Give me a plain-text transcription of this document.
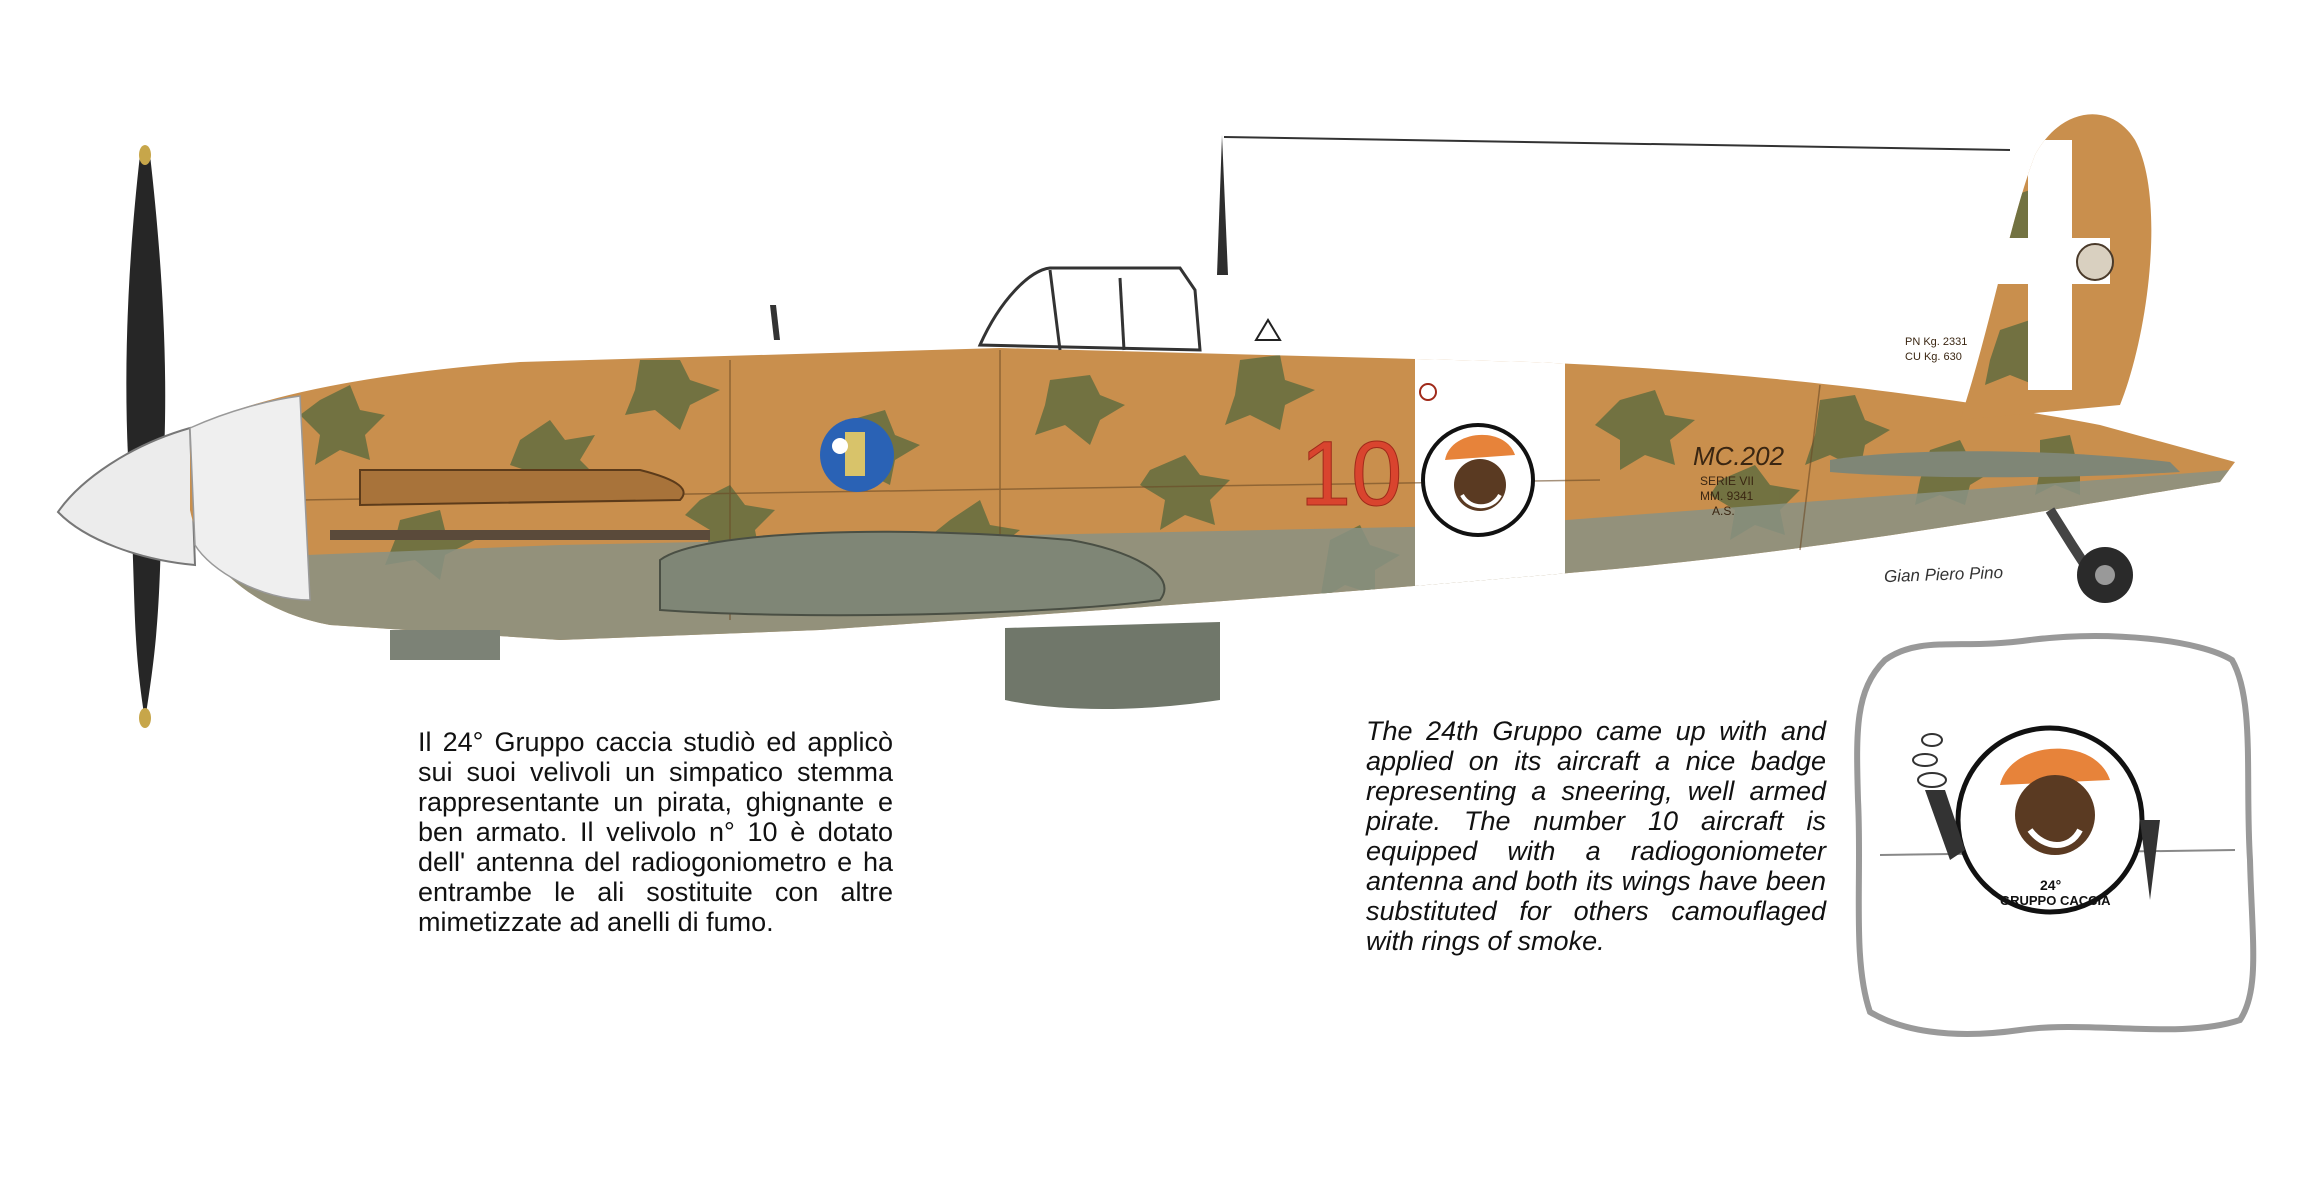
10	MC.202
SERIE VII
MM. 9341
A.S.
PN Kg. 2331
CU Kg. 630
24°
GRUPPO CACCIA
Gian Piero Pino

Il 24° Gruppo caccia studiò ed applicò sui suoi velivoli un simpatico stemma rappresentante un pirata, ghignante e ben armato. Il velivolo n° 10 è dotato dell' antenna del radiogoniometro e ha entrambe le ali sostituite con altre mimetizzate ad anelli di fumo.

The 24th Gruppo came up with and applied on its aircraft a nice badge representing a sneering, well armed pirate. The number 10 aircraft is equipped with a radiogoniometer antenna and both its wings have been substituted for others camouflaged with rings of smoke.
